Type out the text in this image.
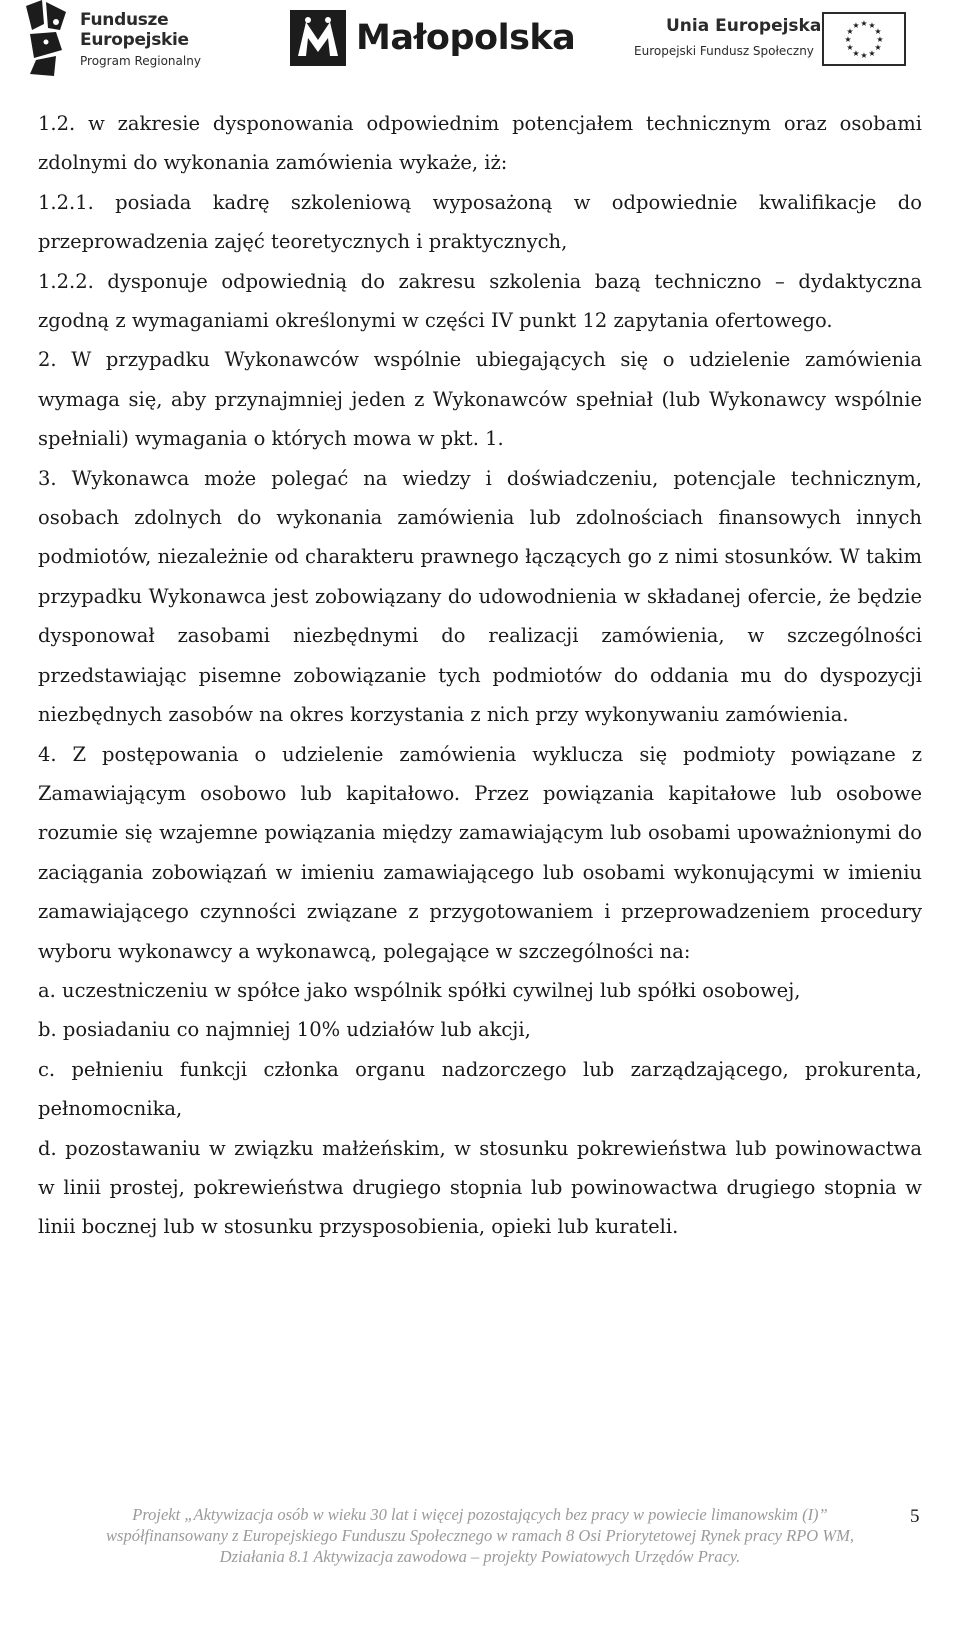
Fundusze
Europejskie
Program Regionalny
Małopolska	Unia Europejska
Europejski Fundusz Społeczny
★ ★
★
★
★
★
★
★
★
★
★
★

1.2. w zakresie dysponowania odpowiednim potencjałem technicznym oraz osobami zdolnymi do wykonania zamówienia wykaże, iż:

1.2.1. posiada kadrę szkoleniową wyposażoną w odpowiednie kwalifikacje do przeprowadzenia zajęć teoretycznych i praktycznych,

1.2.2. dysponuje odpowiednią do zakresu szkolenia bazą techniczno – dydaktyczna zgodną z wymaganiami określonymi w części IV punkt 12 zapytania ofertowego.

2. W przypadku Wykonawców wspólnie ubiegających się o udzielenie zamówienia wymaga się, aby przynajmniej jeden z Wykonawców spełniał (lub Wykonawcy wspólnie spełniali) wymagania o których mowa w pkt. 1.

3. Wykonawca może polegać na wiedzy i doświadczeniu, potencjale technicznym, osobach zdolnych do wykonania zamówienia lub zdolnościach finansowych innych podmiotów, niezależnie od charakteru prawnego łączących go z nimi stosunków. W takim przypadku Wykonawca jest zobowiązany do udowodnienia w składanej ofercie, że będzie dysponował zasobami niezbędnymi do realizacji zamówienia, w szczególności przedstawiając pisemne zobowiązanie tych podmiotów do oddania mu do dyspozycji niezbędnych zasobów na okres korzystania z nich przy wykonywaniu zamówienia.

4. Z postępowania o udzielenie zamówienia wyklucza się podmioty powiązane z Zamawiającym osobowo lub kapitałowo. Przez powiązania kapitałowe lub osobowe rozumie się wzajemne powiązania między zamawiającym lub osobami upoważnionymi do zaciągania zobowiązań w imieniu zamawiającego lub osobami wykonującymi w imieniu zamawiającego czynności związane z przygotowaniem i przeprowadzeniem procedury wyboru wykonawcy a wykonawcą, polegające w szczególności na:

a. uczestniczeniu w spółce jako wspólnik spółki cywilnej lub spółki osobowej,

b. posiadaniu co najmniej 10% udziałów lub akcji,

c. pełnieniu funkcji członka organu nadzorczego lub zarządzającego, prokurenta, pełnomocnika,

d. pozostawaniu w związku małżeńskim, w stosunku pokrewieństwa lub powinowactwa w linii prostej, pokrewieństwa drugiego stopnia lub powinowactwa drugiego stopnia w linii bocznej lub w stosunku przysposobienia, opieki lub kurateli.

Projekt „Aktywizacja osób w wieku 30 lat i więcej pozostających bez pracy w powiecie limanowskim (I)”
współfinansowany z Europejskiego Funduszu Społecznego w ramach 8 Osi Priorytetowej Rynek pracy RPO WM,
Działania 8.1 Aktywizacja zawodowa – projekty Powiatowych Urzędów Pracy.
5
